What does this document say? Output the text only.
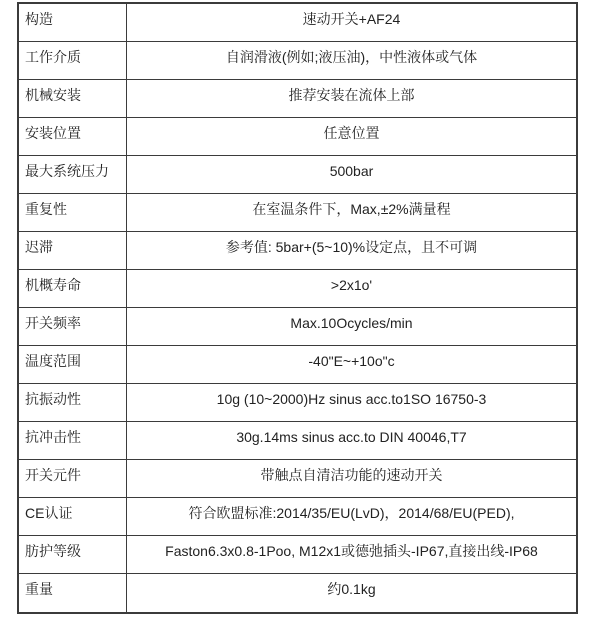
构造	速动开关+AF24
工作介质	自润滑液(例如;液压油)，中性液体或气体
机械安装	推荐安装在流体上部
安装位置	任意位置
最大系统压力	500bar
重复性	在室温条件下，Max,±2%满量程
迟滞	参考值: 5bar+(5~10)%设定点，且不可调
机概寿命	>2x1o'
开关频率	Max.10Ocycles/min
温度范围	-40"E~+10o"c
抗振动性	10g (10~2000)Hz sinus acc.to1SO 16750-3
抗冲击性	30g.14ms sinus acc.to DIN 40046,T7
开关元件	带触点自清洁功能的速动开关
CE认证	符合欧盟标准:2014/35/EU(LvD)，2014/68/EU(PED),
肪护等级	Faston6.3x0.8-1Poo, M12x1或德弛插头-IP67,直接出线-IP68
重量	约0.1kg
